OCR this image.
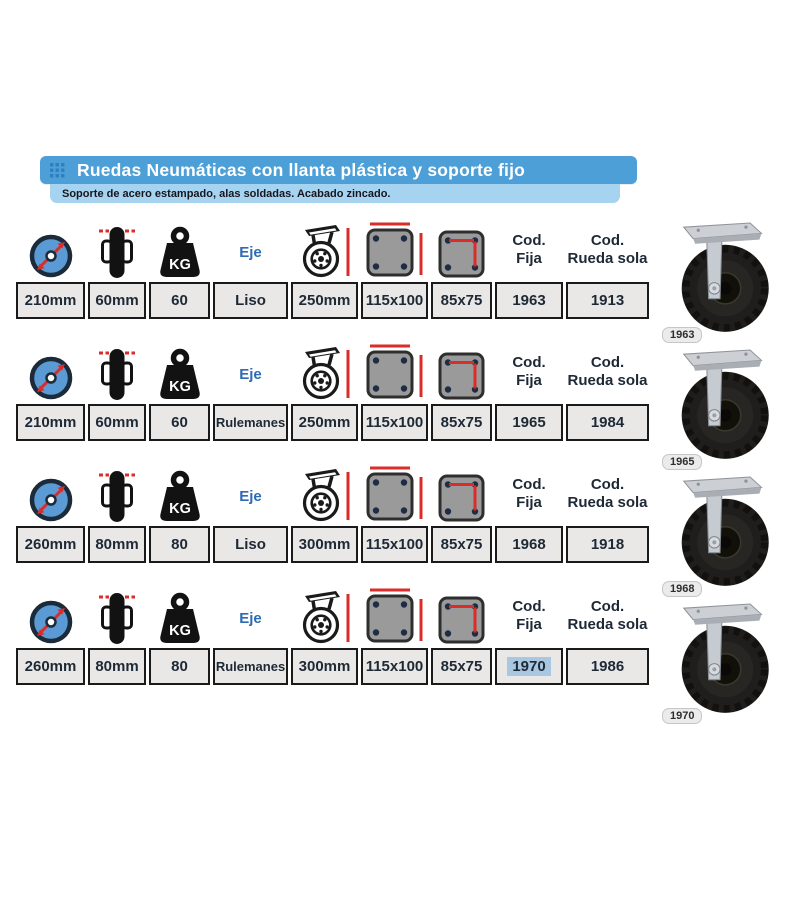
Ruedas Neumáticas con llanta plástica y soporte fijo
Soporte de acero estampado, alas soldadas. Acabado zincado.
KG
Eje
Cod.
Fija
Cod.
Rueda sola
210mm 60mm 60	Liso 250mm 115x100 85x75 1963	1913
KG
Eje
Cod.
Fija
Cod.
Rueda sola
210mm 60mm 60 Rulemanes 250mm 115x100 85x75 1965	1984
KG
Eje
Cod.
Fija
Cod.
Rueda sola
260mm 80mm 80	Liso 300mm 115x100 85x75 1968	1918
KG
Eje
Cod.
Fija
Cod.
Rueda sola
260mm 80mm 80 Rulemanes 300mm 115x100 85x75	1970	1986
1963
1965
1968
1970
